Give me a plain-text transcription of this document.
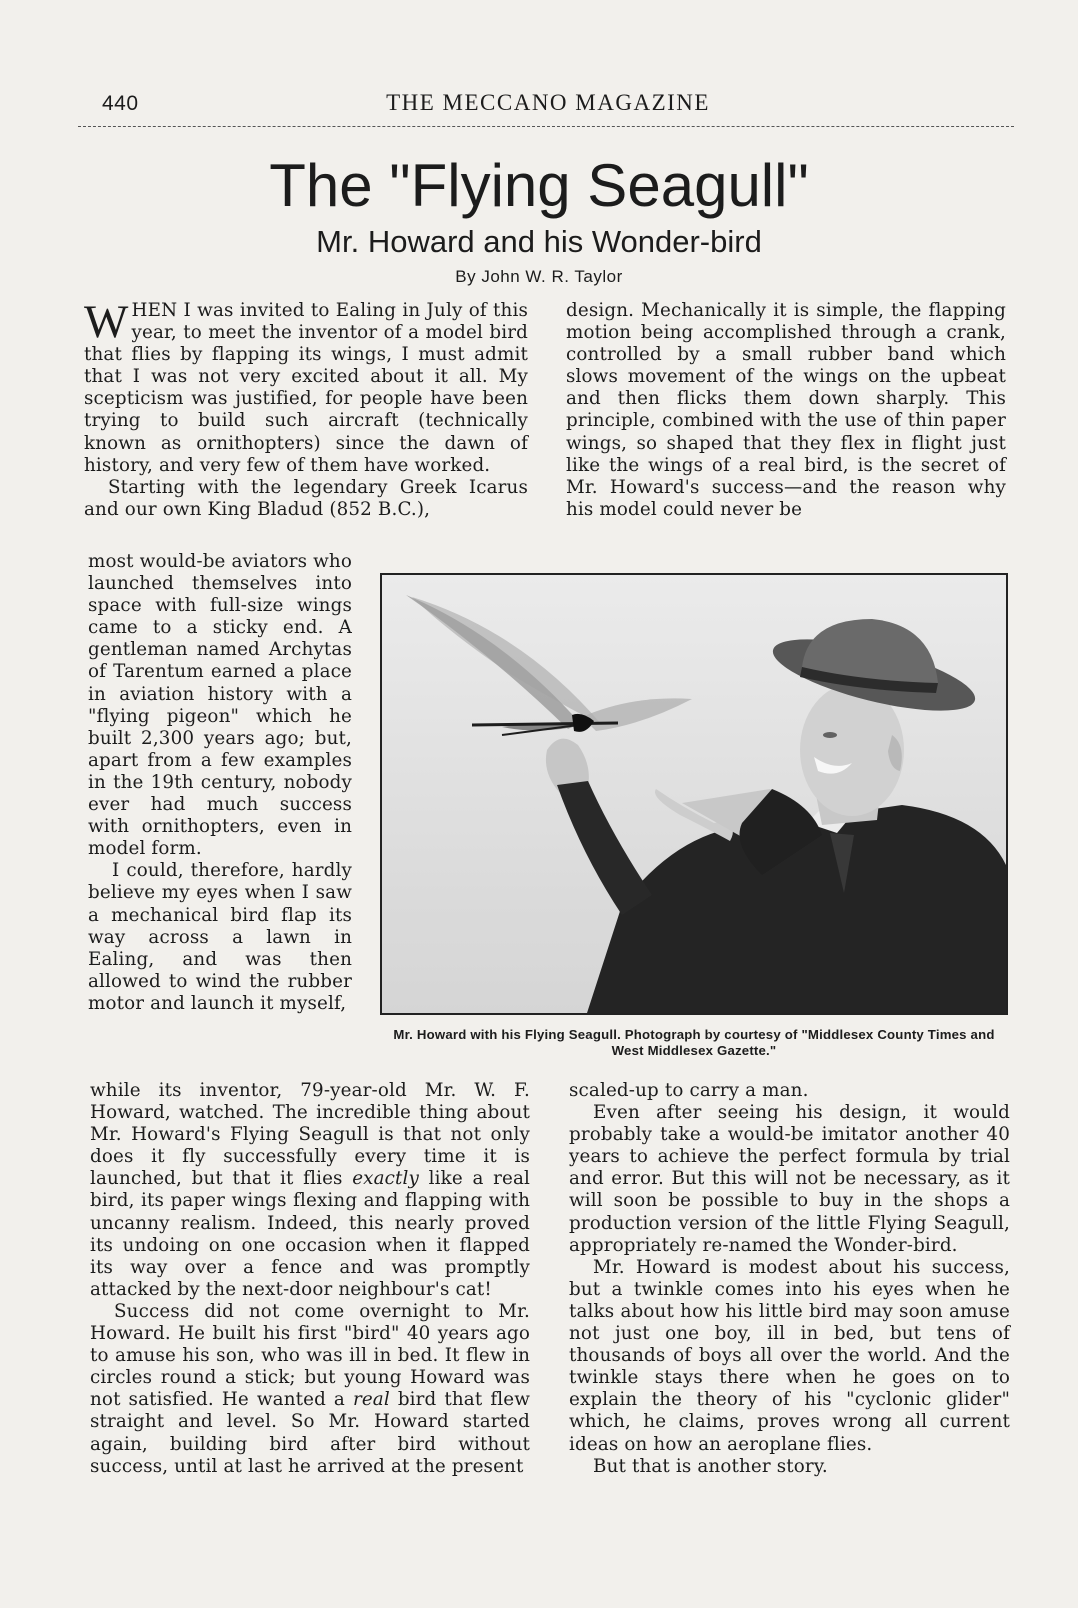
440	THE MECCANO MAGAZINE
The "Flying Seagull"
Mr. Howard and his Wonder-bird
By John W. R. Taylor

WHEN I was invited to Ealing in July of this year, to meet the inventor of a model bird that flies by flapping its wings, I must admit that I was not very excited about it all. My scepticism was justified, for people have been trying to build such aircraft (technically known as ornithopters) since the dawn of history, and very few of them have worked.

Starting with the legendary Greek Icarus and our own King Bladud (852 B.C.),

design. Mechanically it is simple, the flapping motion being accomplished through a crank, controlled by a small rubber band which slows movement of the wings on the upbeat and then flicks them down sharply. This principle, combined with the use of thin paper wings, so shaped that they flex in flight just like the wings of a real bird, is the secret of Mr. Howard's success—and the reason why his model could never be

most would-be aviators who launched themselves into space with full-size wings came to a sticky end. A gentleman named Archytas of Tarentum earned a place in aviation history with a "flying pigeon" which he built 2,300 years ago; but, apart from a few examples in the 19th century, nobody ever had much success with ornithopters, even in model form.

I could, therefore, hardly believe my eyes when I saw a mechanical bird flap its way across a lawn in Ealing, and was then allowed to wind the rubber motor and launch it myself,

Mr. Howard with his Flying Seagull. Photograph by courtesy of "Middlesex County Times and West Middlesex Gazette."

while its inventor, 79-year-old Mr. W. F. Howard, watched. The incredible thing about Mr. Howard's Flying Seagull is that not only does it fly successfully every time it is launched, but that it flies exactly like a real bird, its paper wings flexing and flapping with uncanny realism. Indeed, this nearly proved its undoing on one occasion when it flapped its way over a fence and was promptly attacked by the next-door neighbour's cat!

Success did not come overnight to Mr. Howard. He built his first "bird" 40 years ago to amuse his son, who was ill in bed. It flew in circles round a stick; but young Howard was not satisfied. He wanted a real bird that flew straight and level. So Mr. Howard started again, building bird after bird without success, until at last he arrived at the present

scaled-up to carry a man.

Even after seeing his design, it would probably take a would-be imitator another 40 years to achieve the perfect formula by trial and error. But this will not be necessary, as it will soon be possible to buy in the shops a production version of the little Flying Seagull, appropriately re-named the Wonder-bird.

Mr. Howard is modest about his success, but a twinkle comes into his eyes when he talks about how his little bird may soon amuse not just one boy, ill in bed, but tens of thousands of boys all over the world. And the twinkle stays there when he goes on to explain the theory of his "cyclonic glider" which, he claims, proves wrong all current ideas on how an aeroplane flies.

But that is another story.
